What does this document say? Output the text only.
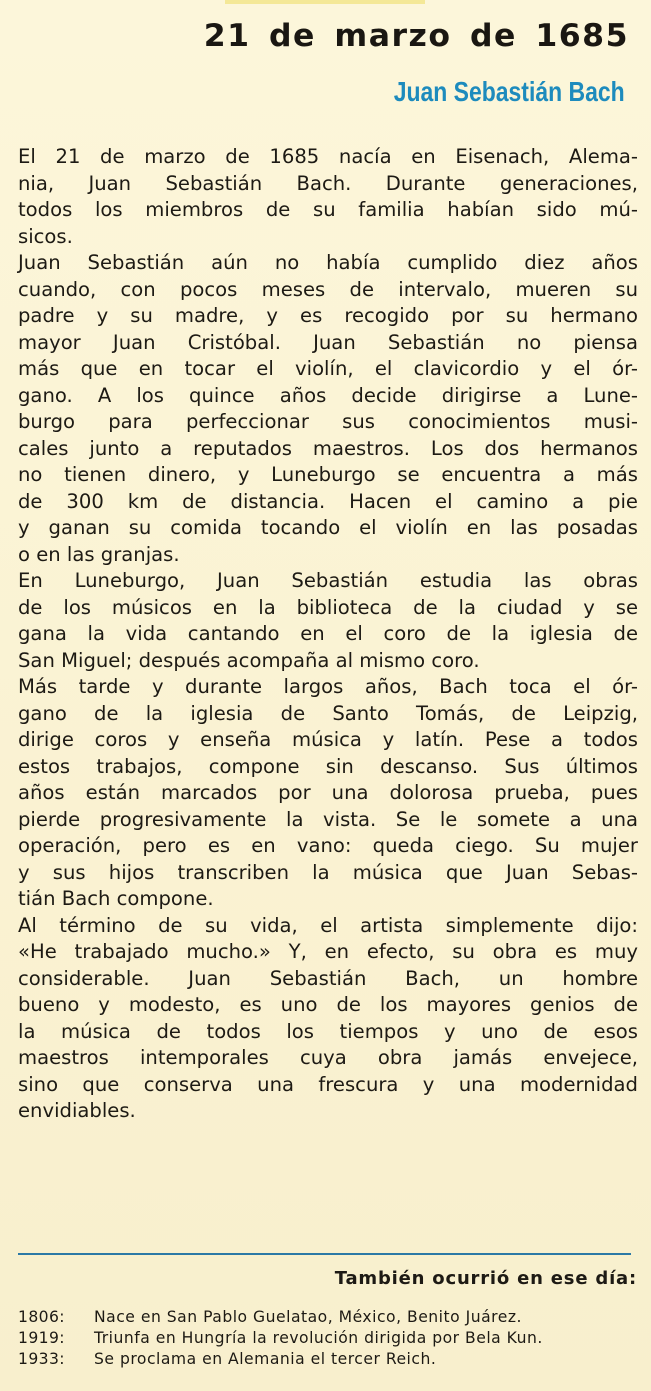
21 de marzo de 1685
Juan Sebastián Bach
El 21 de marzo de 1685 nacía en Eisenach, Alema-
nia, Juan Sebastián Bach. Durante generaciones,
todos los miembros de su familia habían sido mú-
sicos.
Juan Sebastián aún no había cumplido diez años
cuando, con pocos meses de intervalo, mueren su
padre y su madre, y es recogido por su hermano
mayor Juan Cristóbal. Juan Sebastián no piensa
más que en tocar el violín, el clavicordio y el ór-
gano. A los quince años decide dirigirse a Lune-
burgo para perfeccionar sus conocimientos musi-
cales junto a reputados maestros. Los dos hermanos
no tienen dinero, y Luneburgo se encuentra a más
de 300 km de distancia. Hacen el camino a pie
y ganan su comida tocando el violín en las posadas
o en las granjas.
En Luneburgo, Juan Sebastián estudia las obras
de los músicos en la biblioteca de la ciudad y se
gana la vida cantando en el coro de la iglesia de
San Miguel; después acompaña al mismo coro.
Más tarde y durante largos años, Bach toca el ór-
gano de la iglesia de Santo Tomás, de Leipzig,
dirige coros y enseña música y latín. Pese a todos
estos trabajos, compone sin descanso. Sus últimos
años están marcados por una dolorosa prueba, pues
pierde progresivamente la vista. Se le somete a una
operación, pero es en vano: queda ciego. Su mujer
y sus hijos transcriben la música que Juan Sebas-
tián Bach compone.
Al término de su vida, el artista simplemente dijo:
«He trabajado mucho.» Y, en efecto, su obra es muy
considerable. Juan Sebastián Bach, un hombre
bueno y modesto, es uno de los mayores genios de
la música de todos los tiempos y uno de esos
maestros intemporales cuya obra jamás envejece,
sino que conserva una frescura y una modernidad
envidiables.
También ocurrió en ese día:
1806:	Nace en San Pablo Guelatao, México, Benito Juárez.
1919:	Triunfa en Hungría la revolución dirigida por Bela Kun.
1933:	Se proclama en Alemania el tercer Reich.
